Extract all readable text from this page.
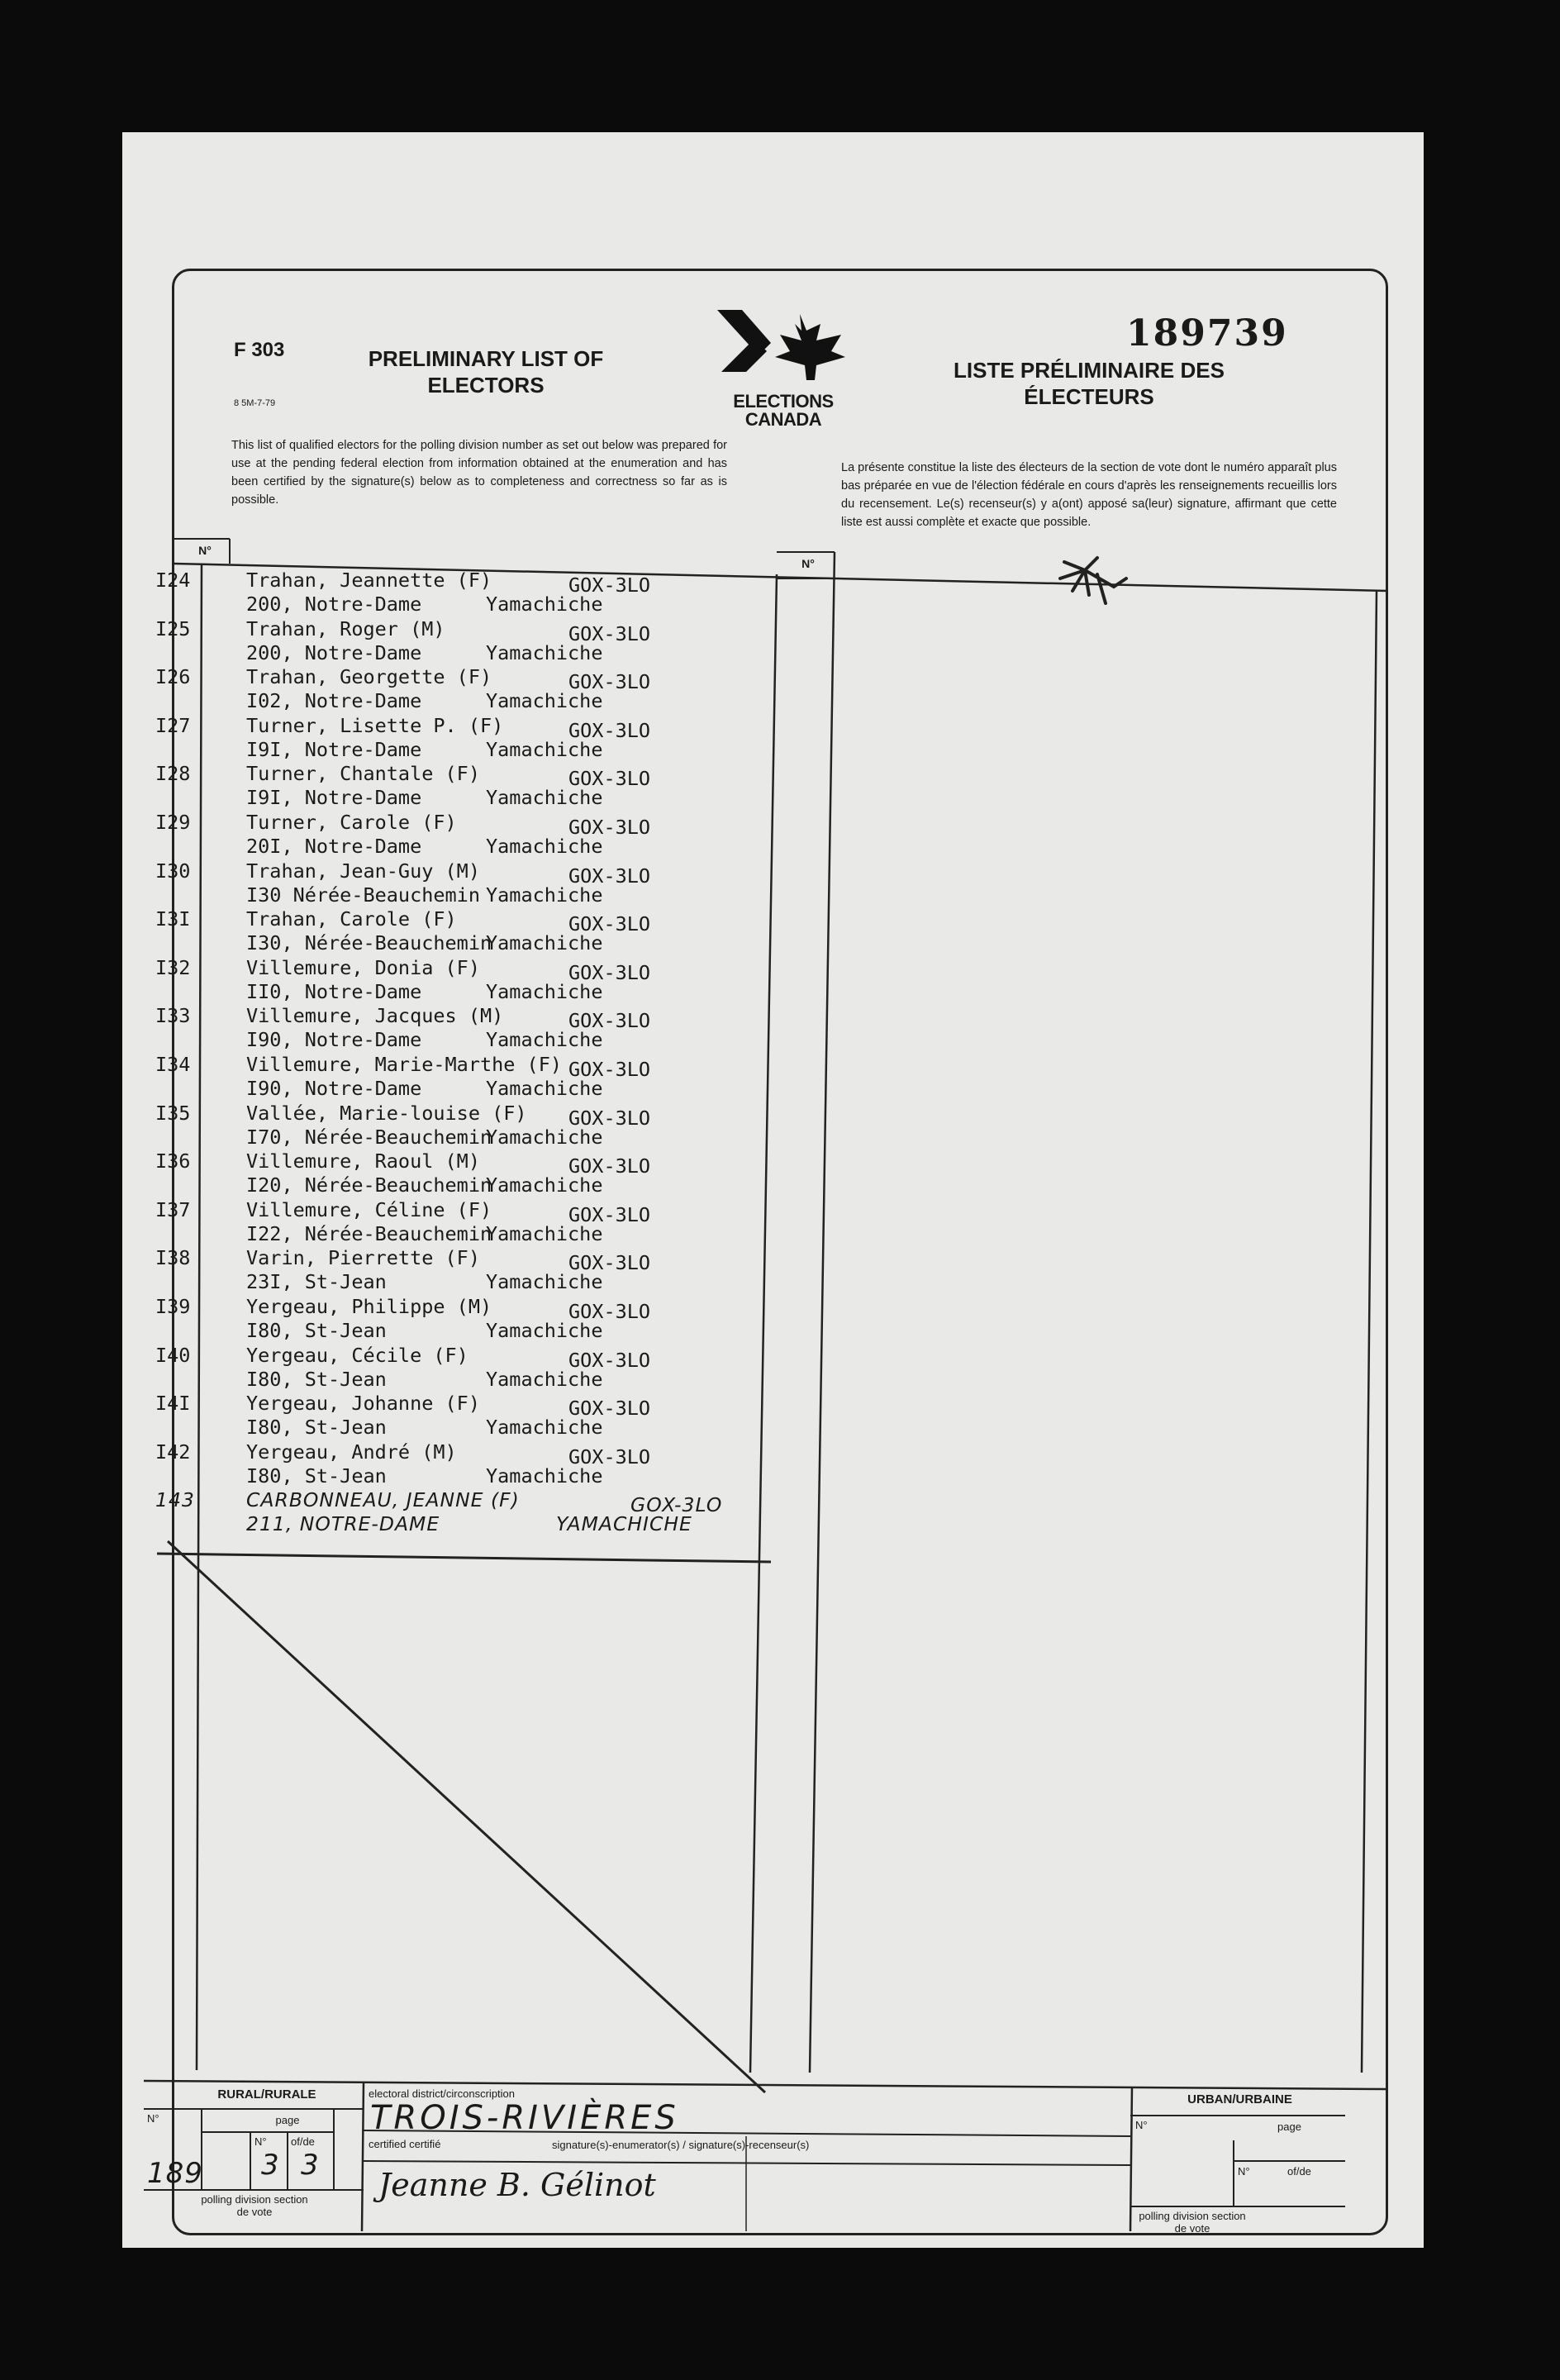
F 303
8 5M-7-79
PRELIMINARY LIST OF ELECTORS
LISTE PRÉLIMINAIRE DES ÉLECTEURS
189739
ELECTIONS CANADA
This list of qualified electors for the polling division number as set out below was prepared for use at the pending federal election from information obtained at the enumeration and has been certified by the signature(s) below as to completeness and correctness so far as is possible.
La présente constitue la liste des électeurs de la section de vote dont le numéro apparaît plus bas préparée en vue de l'élection fédérale en cours d'après les renseignements recueillis lors du recensement. Le(s) recenseur(s) y a(ont) apposé sa(leur) signature, affirmant que cette liste est aussi complète et exacte que possible.
N°
N°
I24	Trahan, Jeannette (F)	GOX-3LO
200, Notre-Dame	Yamachiche
I25	Trahan, Roger (M)	GOX-3LO
200, Notre-Dame	Yamachiche
I26	Trahan, Georgette (F)	GOX-3LO
I02, Notre-Dame	Yamachiche
I27	Turner, Lisette P. (F)	GOX-3LO
I9I, Notre-Dame	Yamachiche
I28	Turner, Chantale (F)	GOX-3LO
I9I, Notre-Dame	Yamachiche
I29	Turner, Carole (F)	GOX-3LO
20I, Notre-Dame	Yamachiche
I30	Trahan, Jean-Guy (M)	GOX-3LO
I30 Nérée-Beauchemin Yamachiche
I3I	Trahan, Carole (F)	GOX-3LO
I30, Nérée-Beauchemin
Yamachiche
I32	Villemure, Donia (F)	GOX-3LO
II0, Notre-Dame	Yamachiche
I33	Villemure, Jacques (M)	GOX-3LO
I90, Notre-Dame	Yamachiche
I34	Villemure, Marie-Marthe (F) GOX-3LO
I90, Notre-Dame	Yamachiche
I35	Vallée, Marie-louise (F) GOX-3LO
I70, Nérée-Beauchemin
Yamachiche
I36	Villemure, Raoul (M)	GOX-3LO
I20, Nérée-Beauchemin
Yamachiche
I37	Villemure, Céline (F)	GOX-3LO
I22, Nérée-Beauchemin
Yamachiche
I38	Varin, Pierrette (F)	GOX-3LO
23I, St-Jean	Yamachiche
I39	Yergeau, Philippe (M)	GOX-3LO
I80, St-Jean	Yamachiche
I40	Yergeau, Cécile (F)	GOX-3LO
I80, St-Jean	Yamachiche
I4I	Yergeau, Johanne (F)	GOX-3LO
I80, St-Jean	Yamachiche
I42	Yergeau, André (M)	GOX-3LO
I80, St-Jean	Yamachiche
143	CARBONNEAU, JEANNE (F)	GOX-3LO
211, NOTRE-DAME	YAMACHICHE
RURAL/RURALE
N°	page
N° of/de
189 3 3
polling division section de vote
electoral district/circonscription
TROIS-RIVIÈRES
certified certifié	signature(s)-enumerator(s) / signature(s)-recenseur(s)
Jeanne B. Gélinot
URBAN/URBAINE
N°	page
N°	of/de
polling division section de vote
